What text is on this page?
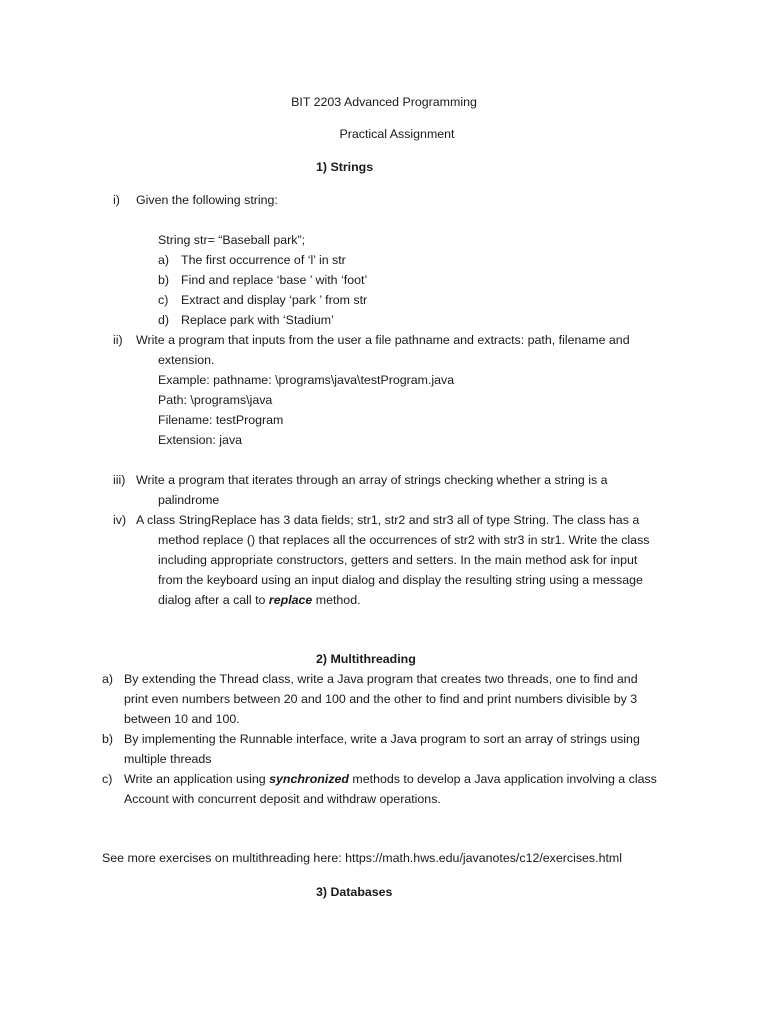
BIT 2203 Advanced Programming
Practical Assignment
1) Strings
i) Given the following string:
String str= “Baseball park”;
a) The first occurrence of ‘l’ in str
b) Find and replace ‘base ’ with ‘foot’
c) Extract and display ‘park ’ from str
d) Replace park with ‘Stadium’
ii) Write a program that inputs from the user a file pathname and extracts: path, filename and
extension.
Example: pathname: \programs\java\testProgram.java
Path: \programs\java
Filename: testProgram
Extension: java
iii) Write a program that iterates through an array of strings checking whether a string is a
palindrome
iv) A class StringReplace has 3 data fields; str1, str2 and str3 all of type String. The class has a
method replace () that replaces all the occurrences of str2 with str3 in str1. Write the class
including appropriate constructors, getters and setters. In the main method ask for input
from the keyboard using an input dialog and display the resulting string using a message
dialog after a call to replace method.
2) Multithreading
a) By extending the Thread class, write a Java program that creates two threads, one to find and
print even numbers between 20 and 100 and the other to find and print numbers divisible by 3
between 10 and 100.
b) By implementing the Runnable interface, write a Java program to sort an array of strings using
multiple threads
c) Write an application using synchronized methods to develop a Java application involving a class
Account with concurrent deposit and withdraw operations.
See more exercises on multithreading here: https://math.hws.edu/javanotes/c12/exercises.html
3) Databases
